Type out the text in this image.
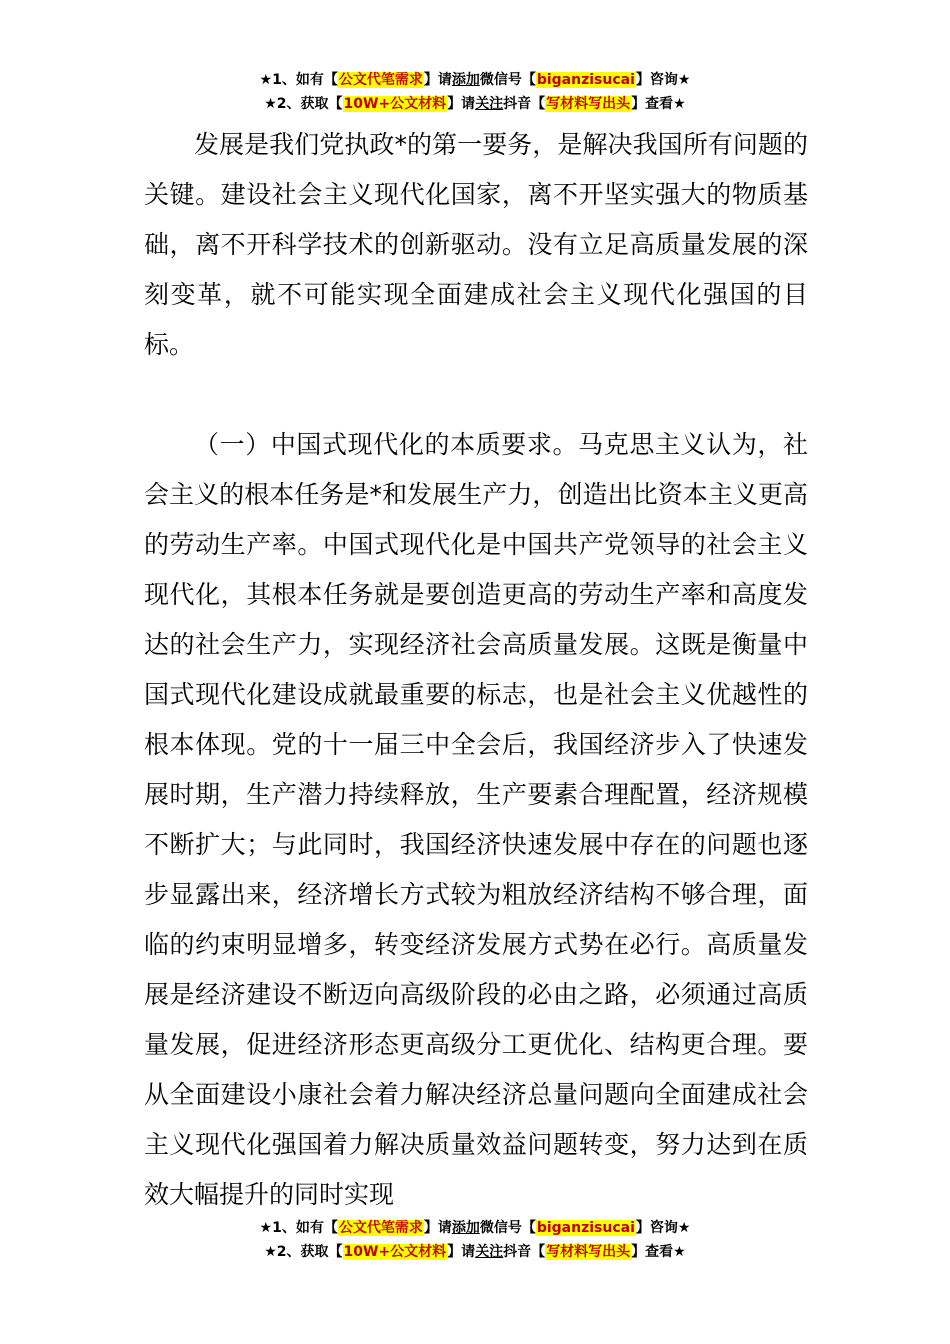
★1、如有【公文代笔需求】请添加微信号【biganzisucai】咨询★
★2、获取【10W+公文材料】请关注抖音【写材料写出头】查看★

发展是我们党执政*的第一要务，是解决我国所有问题的关键。建设社会主义现代化国家，离不开坚实强大的物质基础，离不开科学技术的创新驱动。没有立足高质量发展的深刻变革，就不可能实现全面建成社会主义现代化强国的目标。

（一）中国式现代化的本质要求。马克思主义认为，社会主义的根本任务是*和发展生产力，创造出比资本主义更高的劳动生产率。中国式现代化是中国共产党领导的社会主义现代化，其根本任务就是要创造更高的劳动生产率和高度发达的社会生产力，实现经济社会高质量发展。这既是衡量中国式现代化建设成就最重要的标志，也是社会主义优越性的根本体现。党的十一届三中全会后，我国经济步入了快速发展时期，生产潜力持续释放，生产要素合理配置，经济规模不断扩大；与此同时，我国经济快速发展中存在的问题也逐步显露出来，经济增长方式较为粗放经济结构不够合理，面临的约束明显增多，转变经济发展方式势在必行。高质量发展是经济建设不断迈向高级阶段的必由之路，必须通过高质量发展，促进经济形态更高级分工更优化、结构更合理。要从全面建设小康社会着力解决经济总量问题向全面建成社会主义现代化强国着力解决质量效益问题转变，努力达到在质效大幅提升的同时实现

★1、如有【公文代笔需求】请添加微信号【biganzisucai】咨询★
★2、获取【10W+公文材料】请关注抖音【写材料写出头】查看★
